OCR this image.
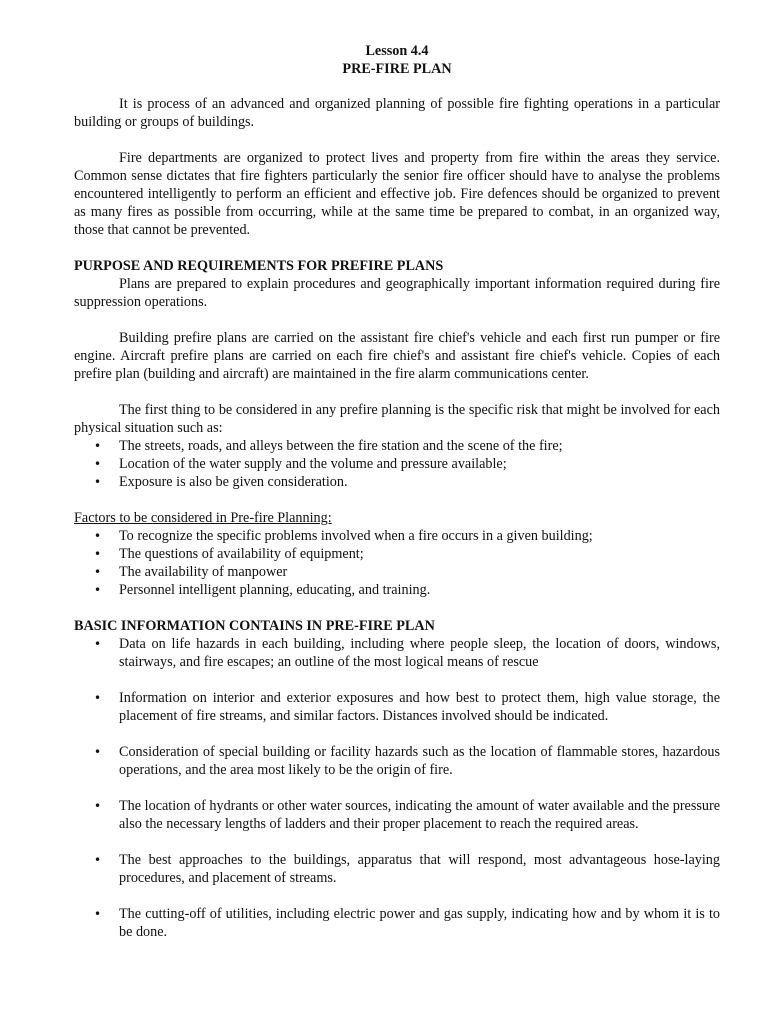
Lesson 4.4
PRE-FIRE PLAN

It is process of an advanced and organized planning of possible fire fighting operations in a particular building or groups of buildings.

Fire departments are organized to protect lives and property from fire within the areas they service. Common sense dictates that fire fighters particularly the senior fire officer should have to analyse the problems encountered intelligently to perform an efficient and effective job. Fire defences should be organized to prevent as many fires as possible from occurring, while at the same time be prepared to combat, in an organized way, those that cannot be prevented.

PURPOSE AND REQUIREMENTS FOR PREFIRE PLANS

Plans are prepared to explain procedures and geographically important information required during fire suppression operations.

Building prefire plans are carried on the assistant fire chief's vehicle and each first run pumper or fire engine. Aircraft prefire plans are carried on each fire chief's and assistant fire chief's vehicle. Copies of each prefire plan (building and aircraft) are maintained in the fire alarm communications center.

The first thing to be considered in any prefire planning is the specific risk that might be involved for each physical situation such as:

• The streets, roads, and alleys between the fire station and the scene of the fire;
• Location of the water supply and the volume and pressure available;
• Exposure is also be given consideration.

Factors to be considered in Pre-fire Planning:

• To recognize the specific problems involved when a fire occurs in a given building;
• The questions of availability of equipment;
• The availability of manpower
• Personnel intelligent planning, educating, and training.
BASIC INFORMATION CONTAINS IN PRE-FIRE PLAN
• Data on life hazards in each building, including where people sleep, the location of doors, windows, stairways, and fire escapes; an outline of the most logical means of rescue
• Information on interior and exterior exposures and how best to protect them, high value storage, the placement of fire streams, and similar factors. Distances involved should be indicated.
• Consideration of special building or facility hazards such as the location of flammable stores, hazardous operations, and the area most likely to be the origin of fire.
• The location of hydrants or other water sources, indicating the amount of water available and the pressure also the necessary lengths of ladders and their proper placement to reach the required areas.
• The best approaches to the buildings, apparatus that will respond, most advantageous hose-laying procedures, and placement of streams.
• The cutting-off of utilities, including electric power and gas supply, indicating how and by whom it is to be done.
